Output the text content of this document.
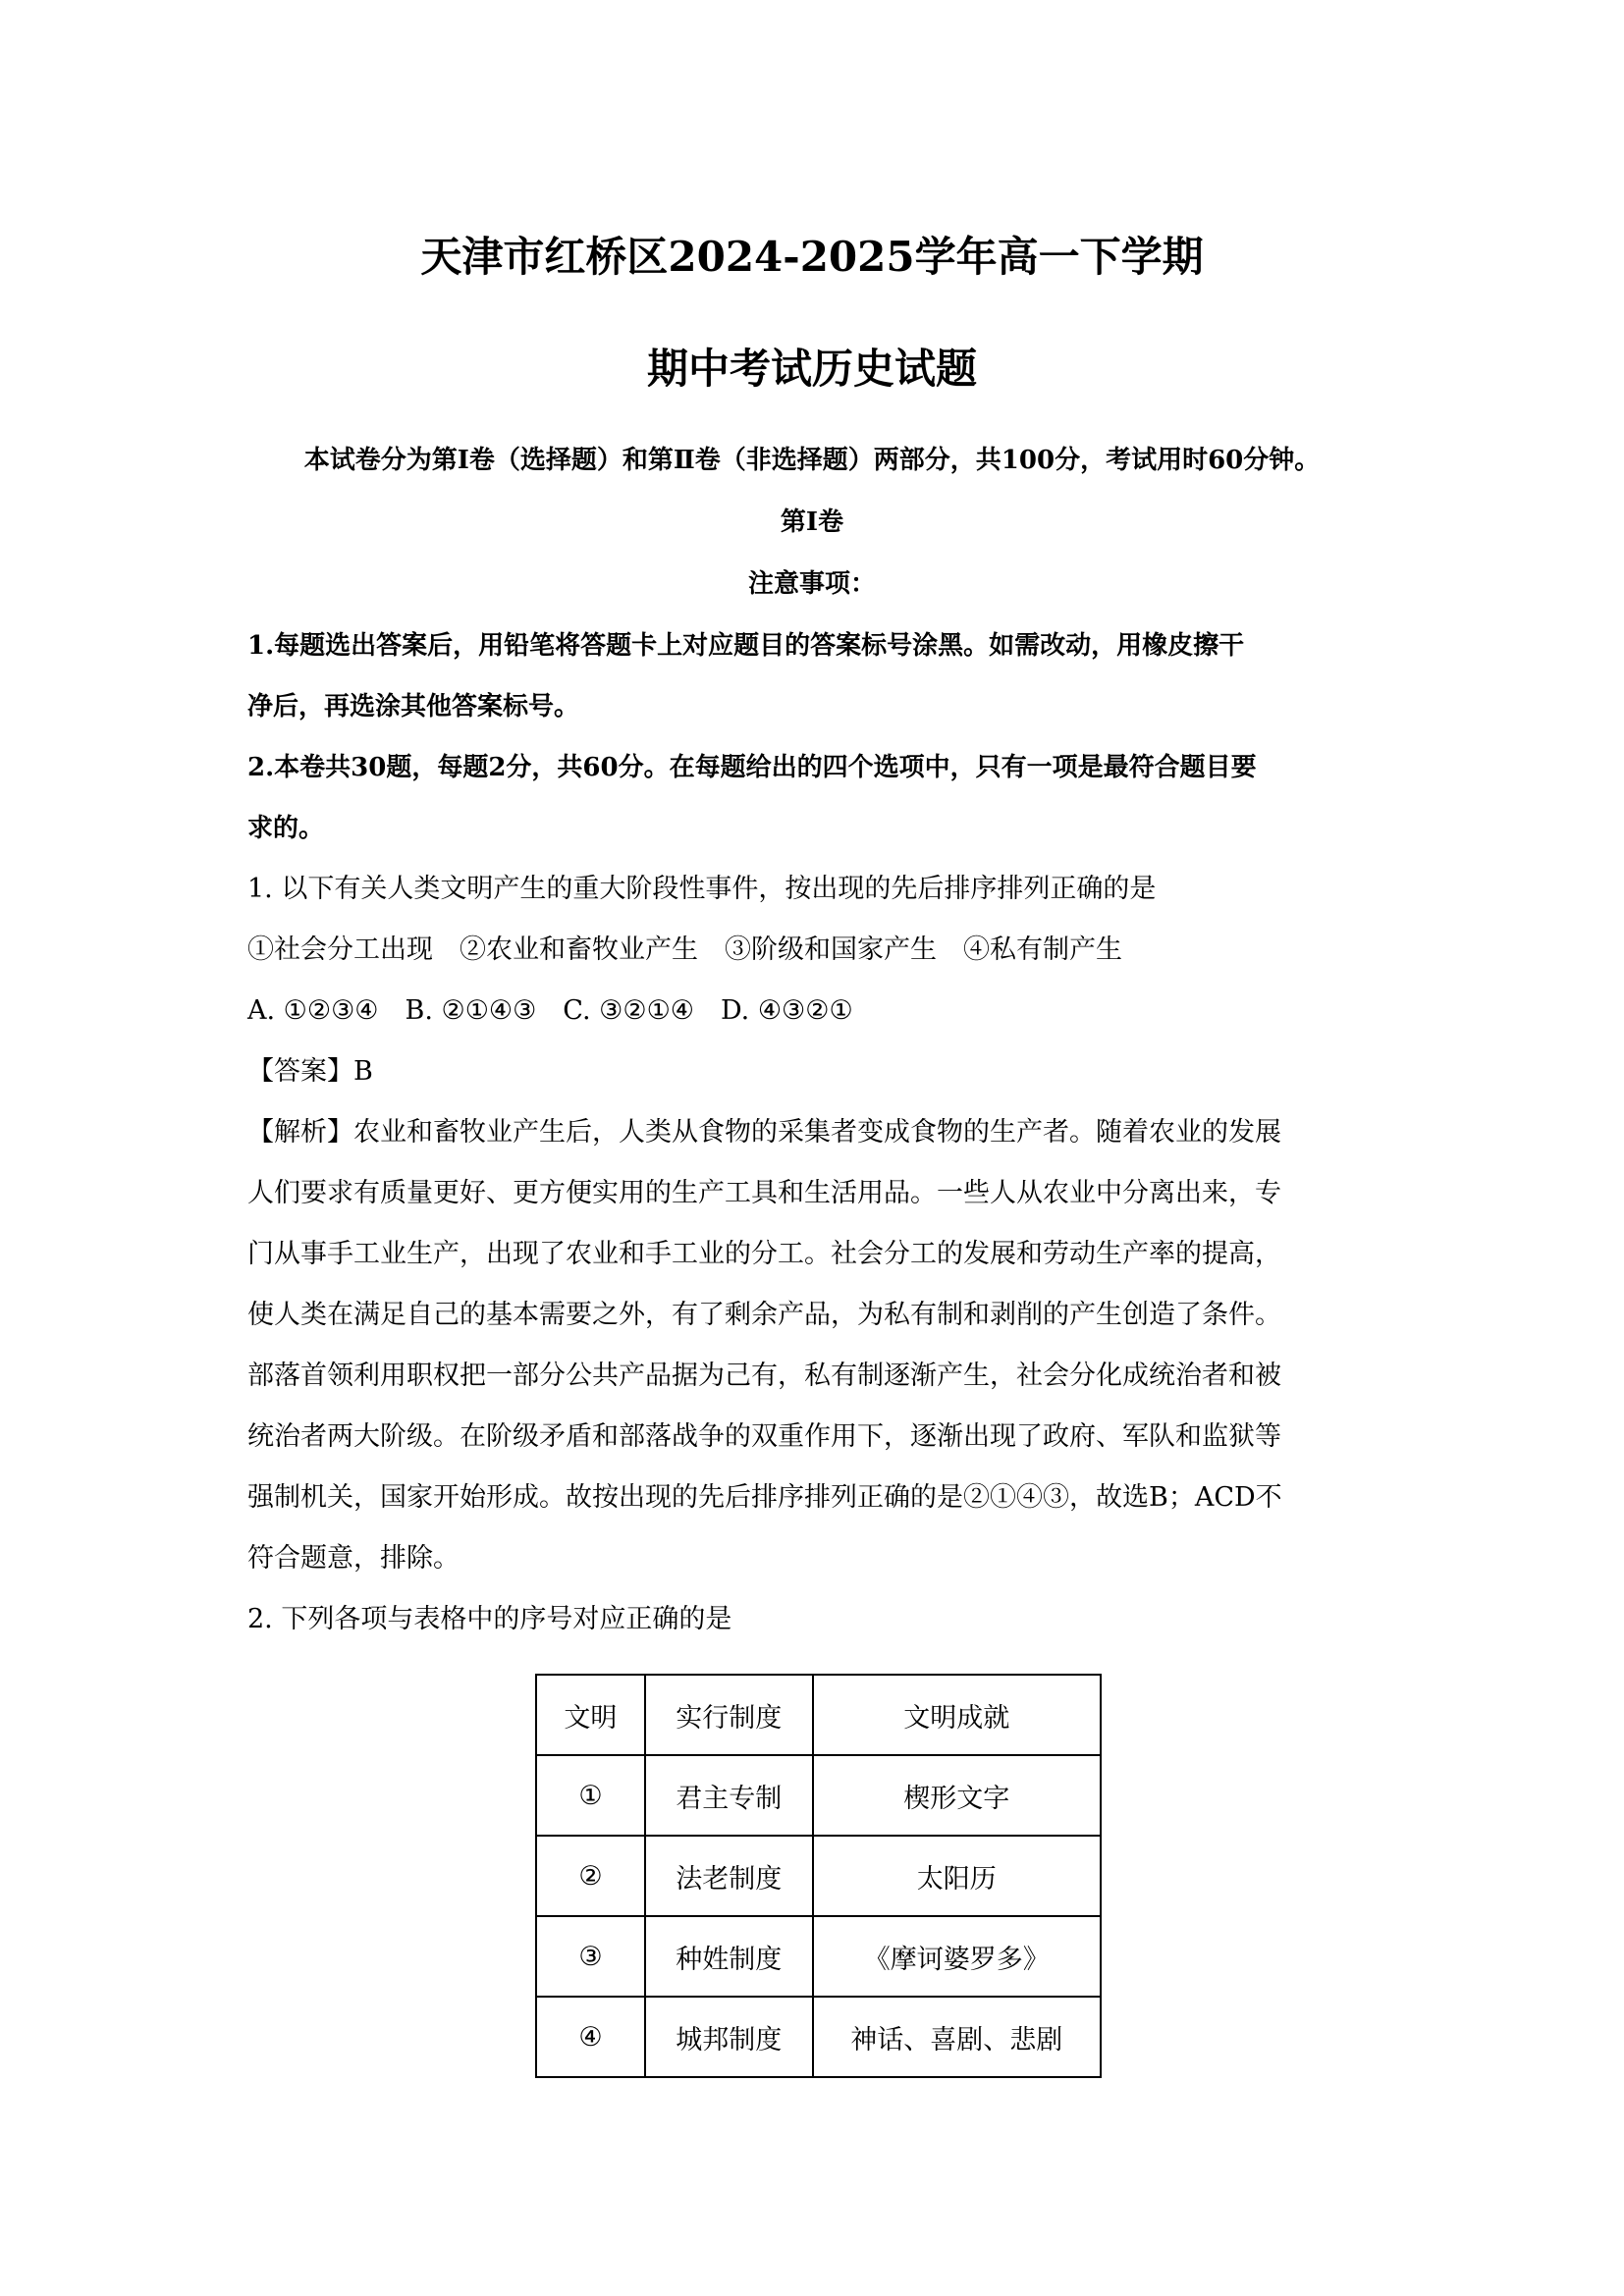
天津市红桥区2024-2025学年高一下学期
期中考试历史试题
本试卷分为第Ⅰ卷（选择题）和第Ⅱ卷（非选择题）两部分，共100分，考试用时60分钟。
第Ⅰ卷
注意事项：
1.每题选出答案后，用铅笔将答题卡上对应题目的答案标号涂黑。如需改动，用橡皮擦干
净后，再选涂其他答案标号。
2.本卷共30题，每题2分，共60分。在每题给出的四个选项中，只有一项是最符合题目要
求的。
1. 以下有关人类文明产生的重大阶段性事件，按出现的先后排序排列正确的是
①社会分工出现　②农业和畜牧业产生　③阶级和国家产生　④私有制产生
A. ①②③④　B. ②①④③　C. ③②①④　D. ④③②①
【答案】B
【解析】农业和畜牧业产生后，人类从食物的采集者变成食物的生产者。随着农业的发展
人们要求有质量更好、更方便实用的生产工具和生活用品。一些人从农业中分离出来，专
门从事手工业生产，出现了农业和手工业的分工。社会分工的发展和劳动生产率的提高，
使人类在满足自己的基本需要之外，有了剩余产品，为私有制和剥削的产生创造了条件。
部落首领利用职权把一部分公共产品据为己有，私有制逐渐产生，社会分化成统治者和被
统治者两大阶级。在阶级矛盾和部落战争的双重作用下，逐渐出现了政府、军队和监狱等
强制机关，国家开始形成。故按出现的先后排序排列正确的是②①④③，故选B；ACD不
符合题意，排除。
2. 下列各项与表格中的序号对应正确的是
文明	实行制度	文明成就
①	君主专制	楔形文字
②	法老制度	太阳历
③	种姓制度	《摩诃婆罗多》
④	城邦制度	神话、喜剧、悲剧
